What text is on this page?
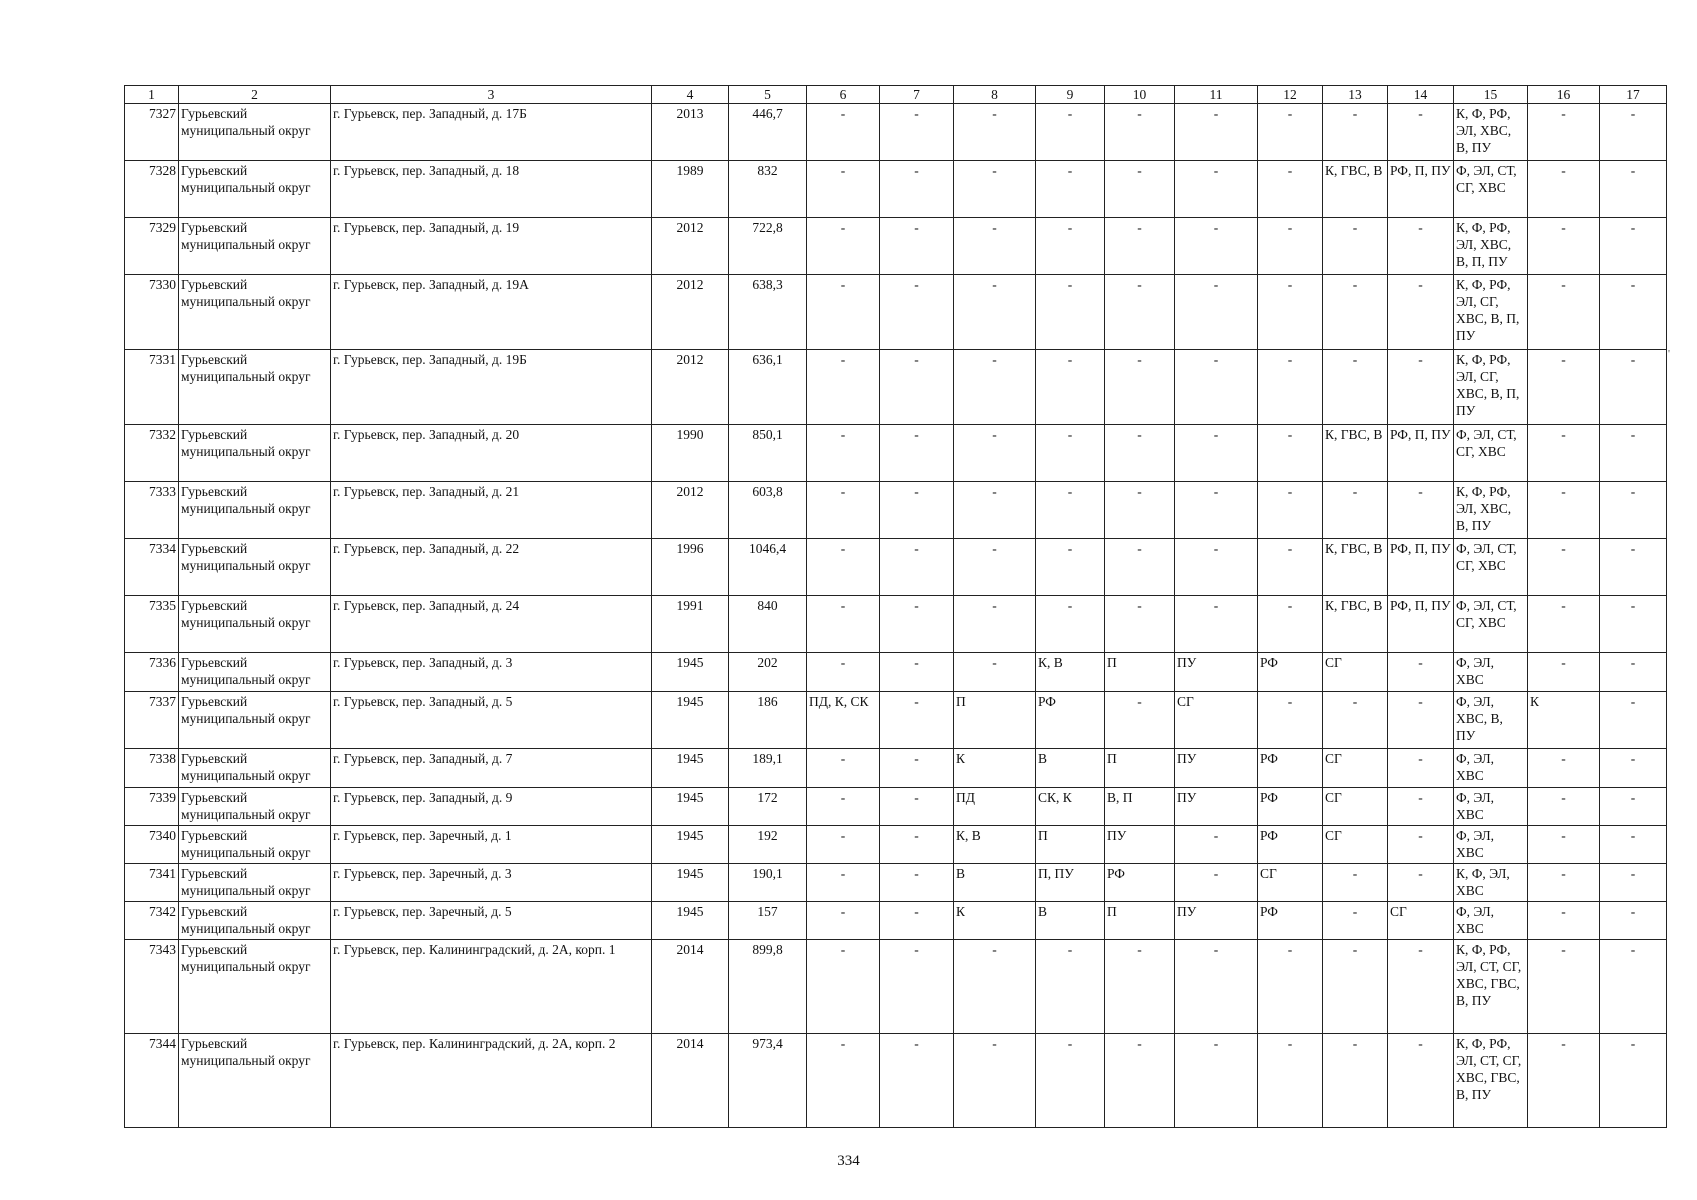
1	2	3	4	5	6	7	8	9	10	11	12	13	14	15	16	17
7327	Гурьевский муниципальный округ	г. Гурьевск, пер. Западный, д. 17Б	2013	446,7	-	-	-	-	-	-	-	-	-	К, Ф, РФ, ЭЛ, ХВС, В, ПУ	-	-
7328	Гурьевский муниципальный округ	г. Гурьевск, пер. Западный, д. 18	1989	832	-	-	-	-	-	-	-	К, ГВС, В	РФ, П, ПУ	Ф, ЭЛ, СТ, СГ, ХВС	-	-
7329	Гурьевский муниципальный округ	г. Гурьевск, пер. Западный, д. 19	2012	722,8	-	-	-	-	-	-	-	-	-	К, Ф, РФ, ЭЛ, ХВС, В, П, ПУ	-	-
7330	Гурьевский муниципальный округ	г. Гурьевск, пер. Западный, д. 19А	2012	638,3	-	-	-	-	-	-	-	-	-	К, Ф, РФ, ЭЛ, СГ, ХВС, В, П, ПУ	-	-
7331	Гурьевский муниципальный округ	г. Гурьевск, пер. Западный, д. 19Б	2012	636,1	-	-	-	-	-	-	-	-	-	К, Ф, РФ, ЭЛ, СГ, ХВС, В, П, ПУ	-	-
7332	Гурьевский муниципальный округ	г. Гурьевск, пер. Западный, д. 20	1990	850,1	-	-	-	-	-	-	-	К, ГВС, В	РФ, П, ПУ	Ф, ЭЛ, СТ, СГ, ХВС	-	-
7333	Гурьевский муниципальный округ	г. Гурьевск, пер. Западный, д. 21	2012	603,8	-	-	-	-	-	-	-	-	-	К, Ф, РФ, ЭЛ, ХВС, В, ПУ	-	-
7334	Гурьевский муниципальный округ	г. Гурьевск, пер. Западный, д. 22	1996	1046,4	-	-	-	-	-	-	-	К, ГВС, В	РФ, П, ПУ	Ф, ЭЛ, СТ, СГ, ХВС	-	-
7335	Гурьевский муниципальный округ	г. Гурьевск, пер. Западный, д. 24	1991	840	-	-	-	-	-	-	-	К, ГВС, В	РФ, П, ПУ	Ф, ЭЛ, СТ, СГ, ХВС	-	-
7336	Гурьевский муниципальный округ	г. Гурьевск, пер. Западный, д. 3	1945	202	-	-	-	К, В	П	ПУ	РФ	СГ	-	Ф, ЭЛ, ХВС	-	-
7337	Гурьевский муниципальный округ	г. Гурьевск, пер. Западный, д. 5	1945	186	ПД, К, СК	-	П	РФ	-	СГ	-	-	-	Ф, ЭЛ, ХВС, В, ПУ	К	-
7338	Гурьевский муниципальный округ	г. Гурьевск, пер. Западный, д. 7	1945	189,1	-	-	К	В	П	ПУ	РФ	СГ	-	Ф, ЭЛ, ХВС	-	-
7339	Гурьевский муниципальный округ	г. Гурьевск, пер. Западный, д. 9	1945	172	-	-	ПД	СК, К	В, П	ПУ	РФ	СГ	-	Ф, ЭЛ, ХВС	-	-
7340	Гурьевский муниципальный округ	г. Гурьевск, пер. Заречный, д. 1	1945	192	-	-	К, В	П	ПУ	-	РФ	СГ	-	Ф, ЭЛ, ХВС	-	-
7341	Гурьевский муниципальный округ	г. Гурьевск, пер. Заречный, д. 3	1945	190,1	-	-	В	П, ПУ	РФ	-	СГ	-	-	К, Ф, ЭЛ, ХВС	-	-
7342	Гурьевский муниципальный округ	г. Гурьевск, пер. Заречный, д. 5	1945	157	-	-	К	В	П	ПУ	РФ	-	СГ	Ф, ЭЛ, ХВС	-	-
7343	Гурьевский муниципальный округ	г. Гурьевск, пер. Калининградский, д. 2А, корп. 1	2014	899,8	-	-	-	-	-	-	-	-	-	К, Ф, РФ, ЭЛ, СТ, СГ, ХВС, ГВС, В, ПУ	-	-
7344	Гурьевский муниципальный округ	г. Гурьевск, пер. Калининградский, д. 2А, корп. 2	2014	973,4	-	-	-	-	-	-	-	-	-	К, Ф, РФ, ЭЛ, СТ, СГ, ХВС, ГВС, В, ПУ	-	-
334
'
